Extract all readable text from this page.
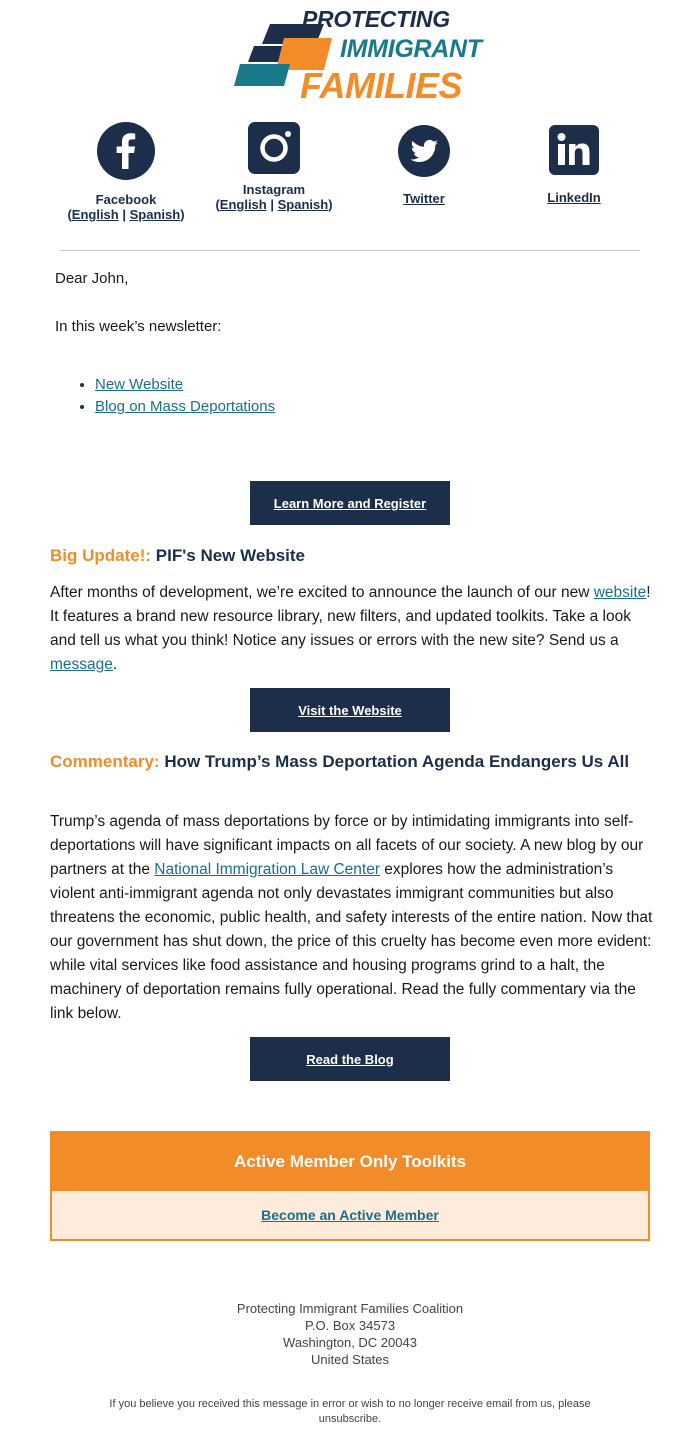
PROTECTING
IMMIGRANT
FAMILIES
Facebook
(English | Spanish)
Instagram
(English | Spanish)	Twitter	LinkedIn
Dear John,
In this week’s newsletter:
• New Website
• Blog on Mass Deportations
Learn More and Register
Big Update!: PIF's New Website
After months of development, we’re excited to announce the launch of our new website! It features a brand new resource library, new filters, and updated toolkits. Take a look and tell us what you think! Notice any issues or errors with the new site? Send us a message.
Visit the Website
Commentary: How Trump’s Mass Deportation Agenda Endangers Us All
Trump’s agenda of mass deportations by force or by intimidating immigrants into self-deportations will have significant impacts on all facets of our society. A new blog by our partners at the National Immigration Law Center explores how the administration’s violent anti-immigrant agenda not only devastates immigrant communities but also threatens the economic, public health, and safety interests of the entire nation. Now that our government has shut down, the price of this cruelty has become even more evident: while vital services like food assistance and housing programs grind to a halt, the machinery of deportation remains fully operational. Read the fully commentary via the link below.
Read the Blog
Active Member Only Toolkits
Become an Active Member
Protecting Immigrant Families Coalition
P.O. Box 34573
Washington, DC 20043
United States
If you believe you received this message in error or wish to no longer receive email from us, please unsubscribe.
